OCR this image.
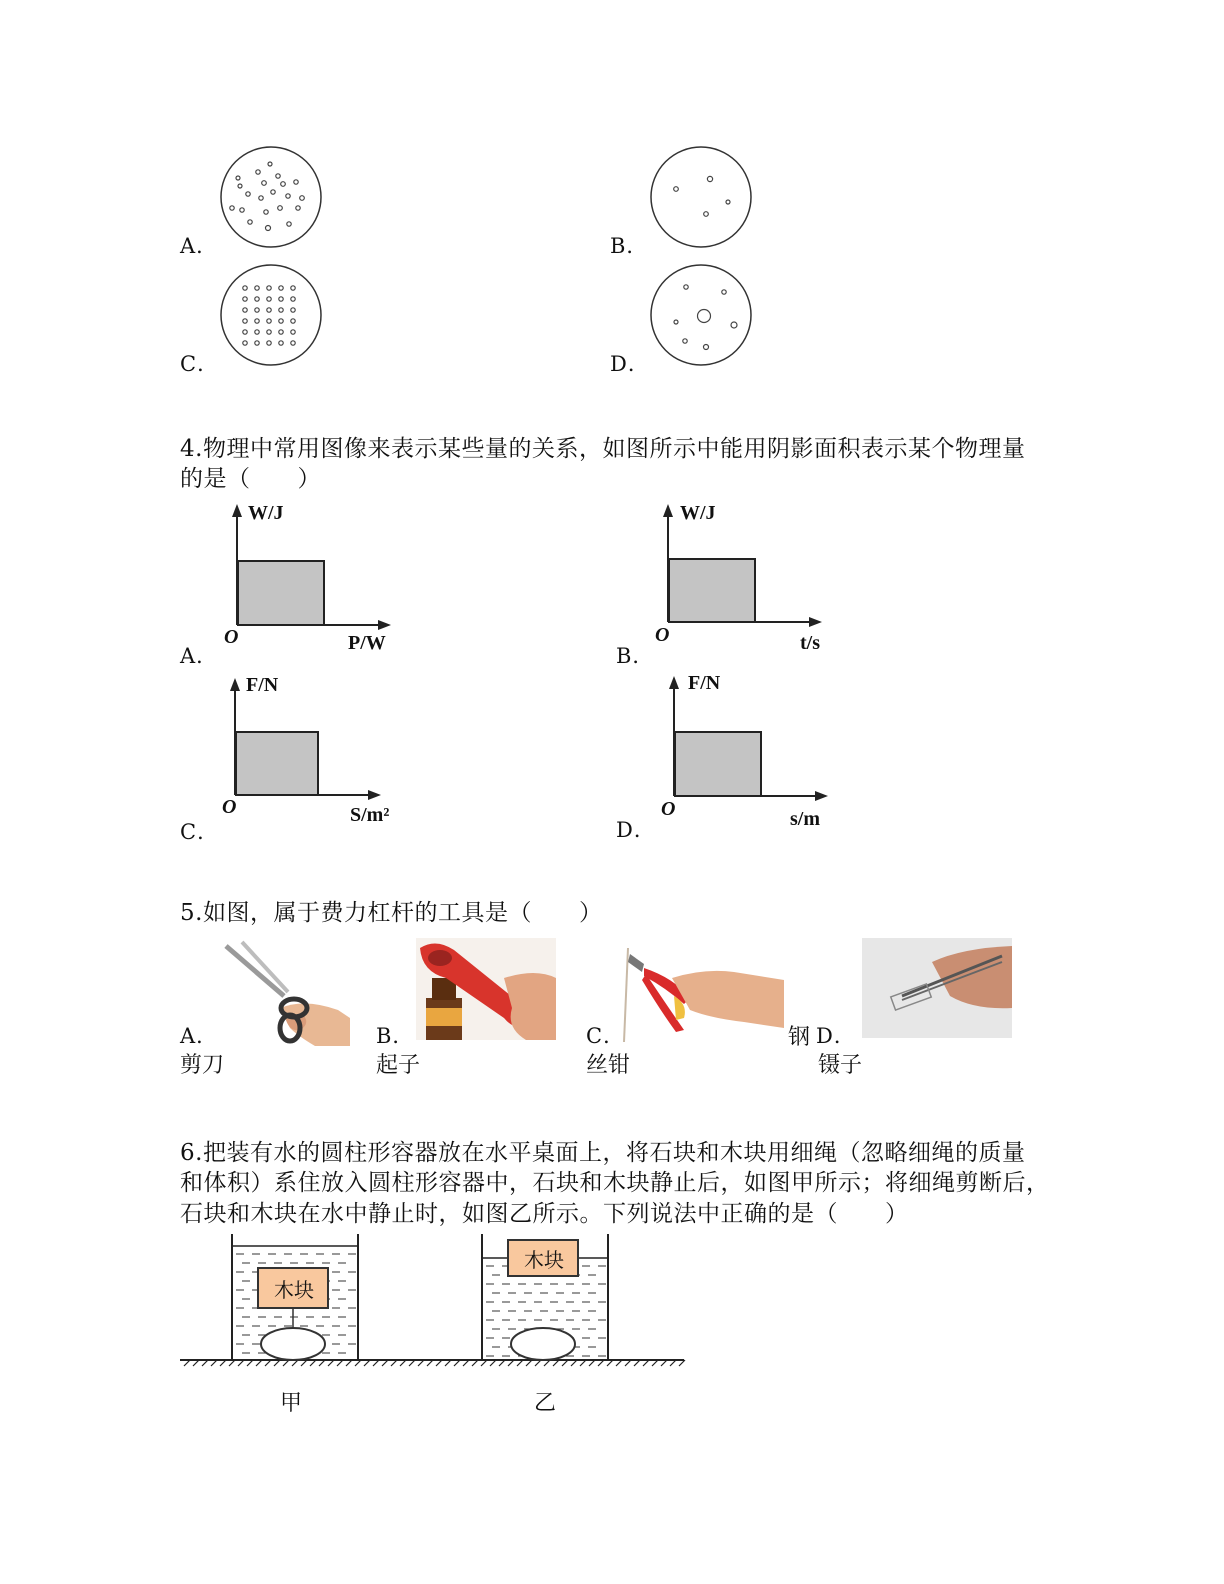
A．	B．
C．	D．
4.物理中常用图像来表示某些量的关系，如图所示中能用阴影面积表示某个物理量
的是（　　）
W/J
O	P/W
A．
W/J
O	t/s
B．
F/N
O	S/m²
C．
F/N
O	s/m
D．
5.如图，属于费力杠杆的工具是（　　）
A．
剪刀
B．
起子
C．
丝钳
钢 D．
镊子
6.把装有水的圆柱形容器放在水平桌面上，将石块和木块用细绳（忽略细绳的质量
和体积）系住放入圆柱形容器中，石块和木块静止后，如图甲所示；将细绳剪断后，
石块和木块在水中静止时，如图乙所示。下列说法中正确的是（　　）
木块
木块
甲	乙
